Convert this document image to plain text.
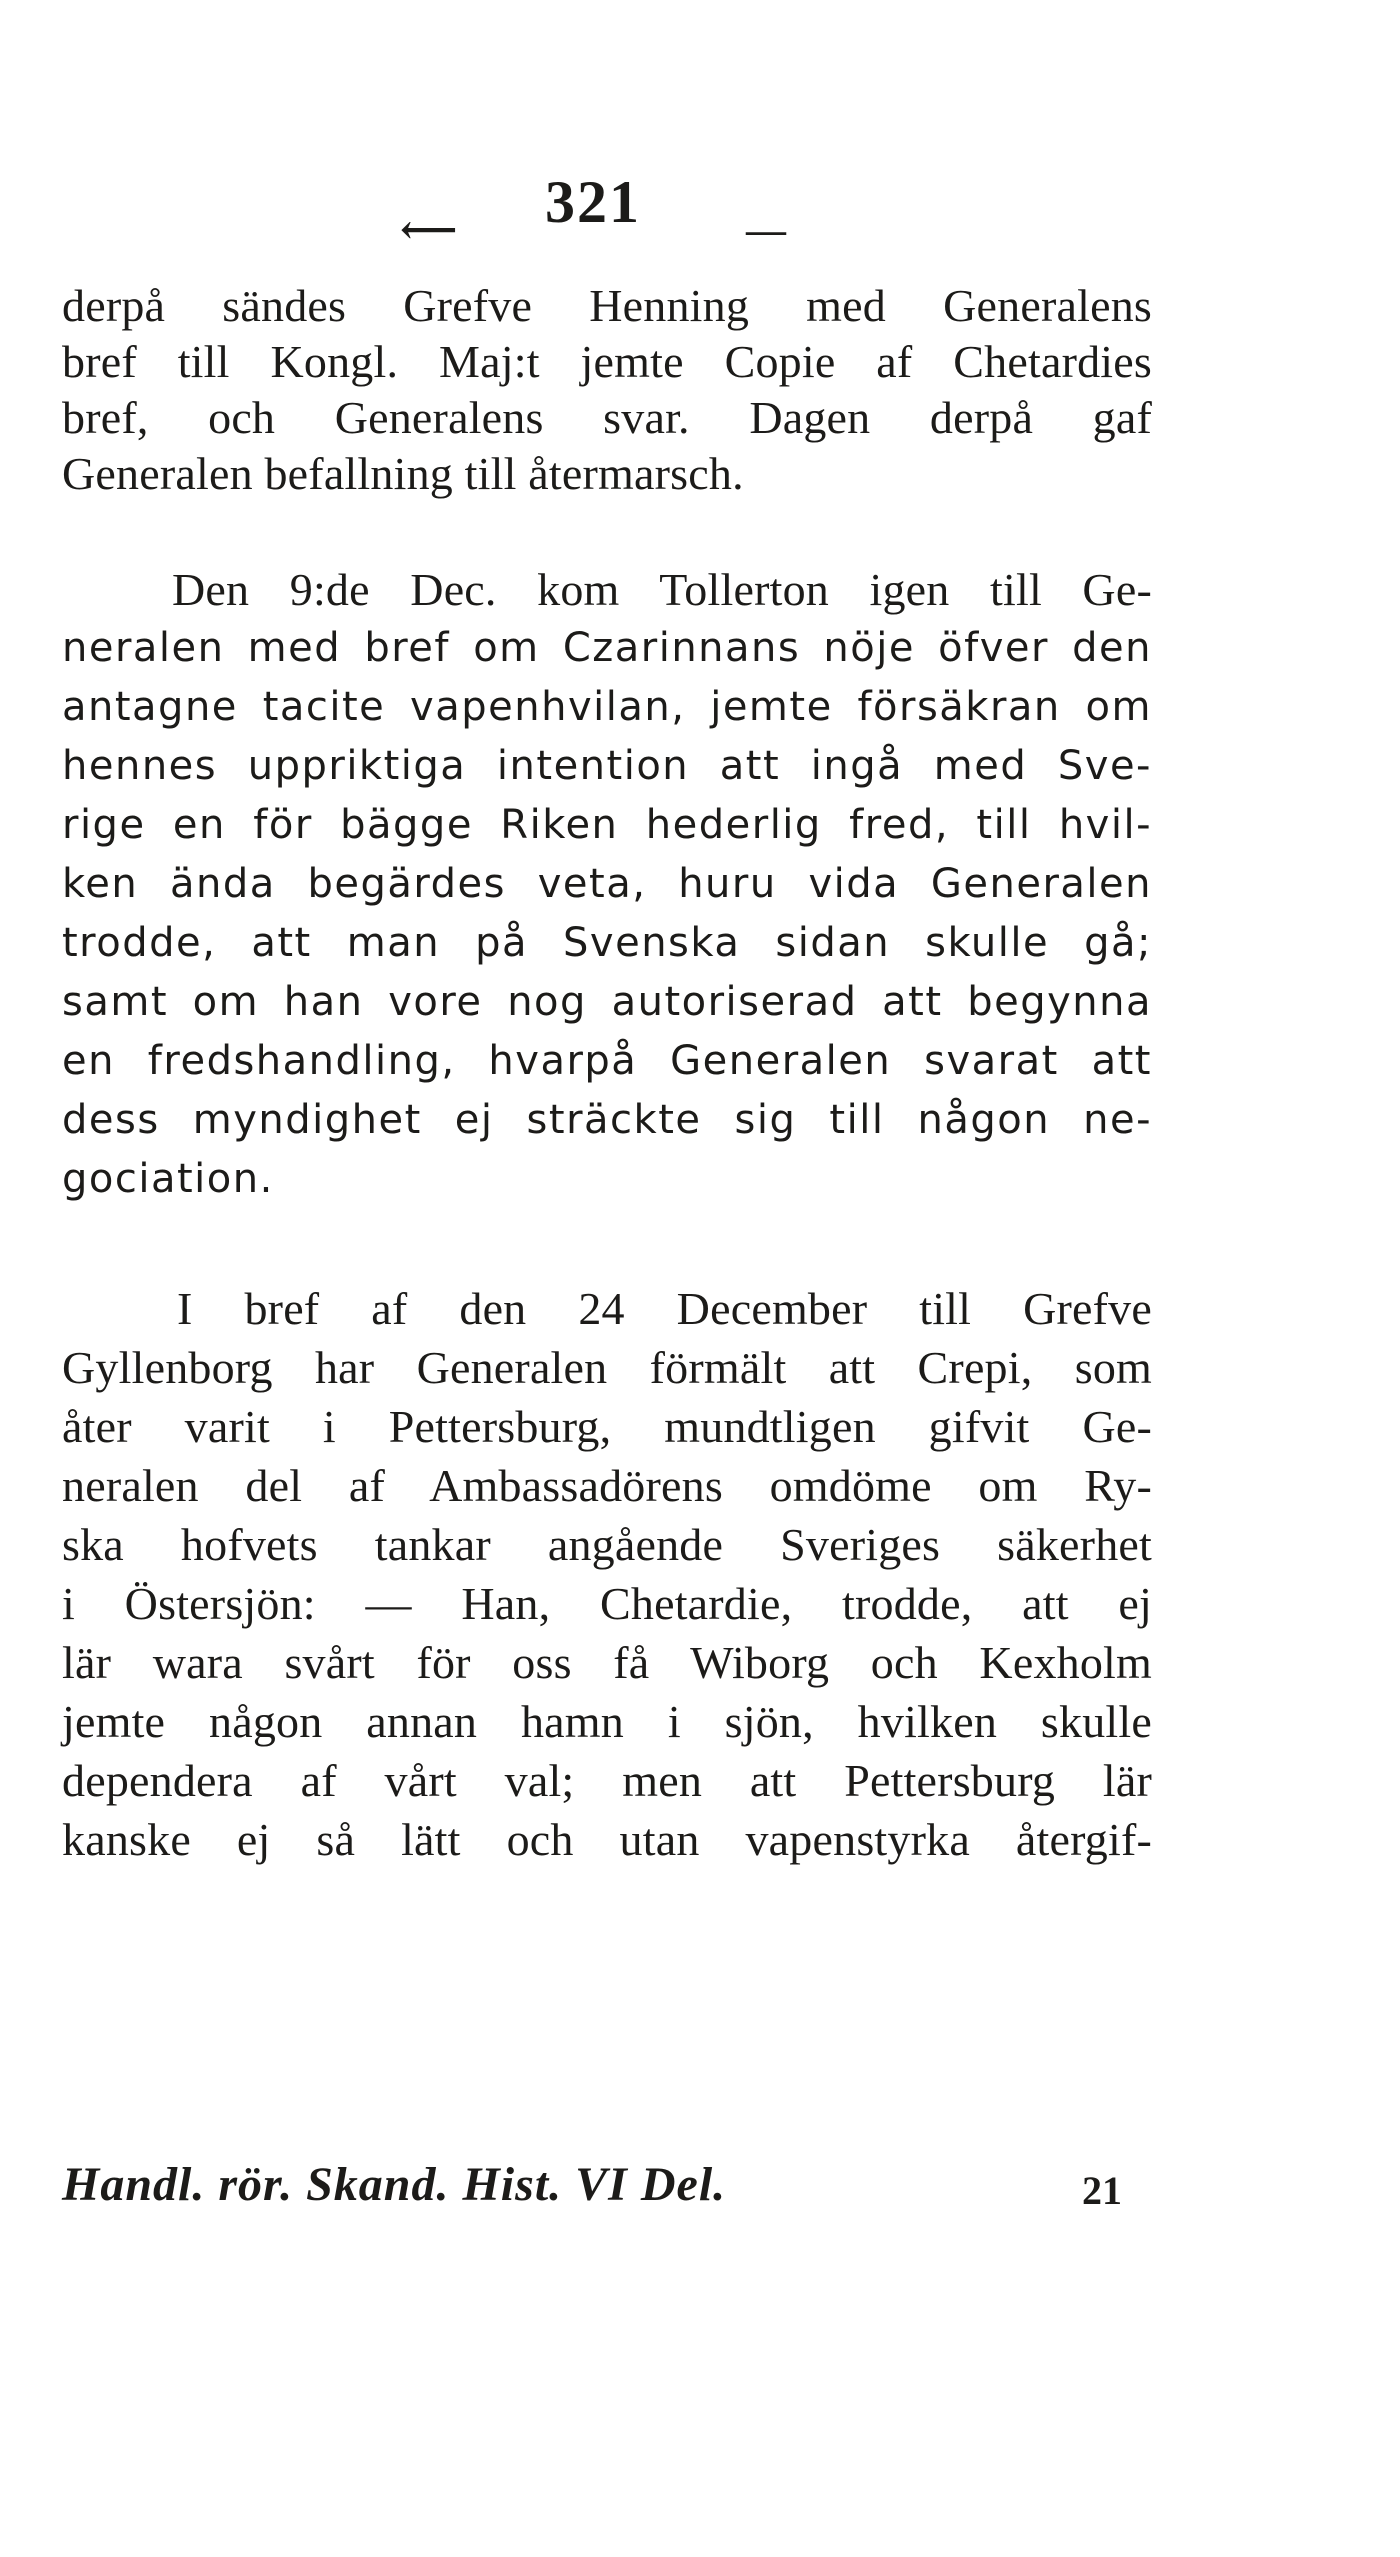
⟵ 321	—
derpå sändes Grefve Henning med Generalens
bref till Kongl. Maj:t jemte Copie af Chetardies
bref, och Generalens svar. Dagen derpå gaf
Generalen befallning till återmarsch.
Den 9:de Dec. kom Tollerton igen till Ge-
neralen med bref om Czarinnans nöje öfver den
antagne tacite vapenhvilan, jemte försäkran om
hennes uppriktiga intention att ingå med Sve-
rige en för bägge Riken hederlig fred, till hvil-
ken ända begärdes veta, huru vida Generalen
trodde, att man på Svenska sidan skulle gå;
samt om han vore nog autoriserad att begynna
en fredshandling, hvarpå Generalen svarat att
dess myndighet ej sträckte sig till någon ne-
gociation.
I bref af den 24 December till Grefve
Gyllenborg har Generalen förmält att Crepi, som
åter varit i Pettersburg, mundtligen gifvit Ge-
neralen del af Ambassadörens omdöme om Ry-
ska hofvets tankar angående Sveriges säkerhet
i Östersjön: — Han, Chetardie, trodde, att ej
lär wara svårt för oss få Wiborg och Kexholm
jemte någon annan hamn i sjön, hvilken skulle
dependera af vårt val; men att Pettersburg lär
kanske ej så lätt och utan vapenstyrka återgif-
Handl. rör. Skand. Hist. VI Del.	21
